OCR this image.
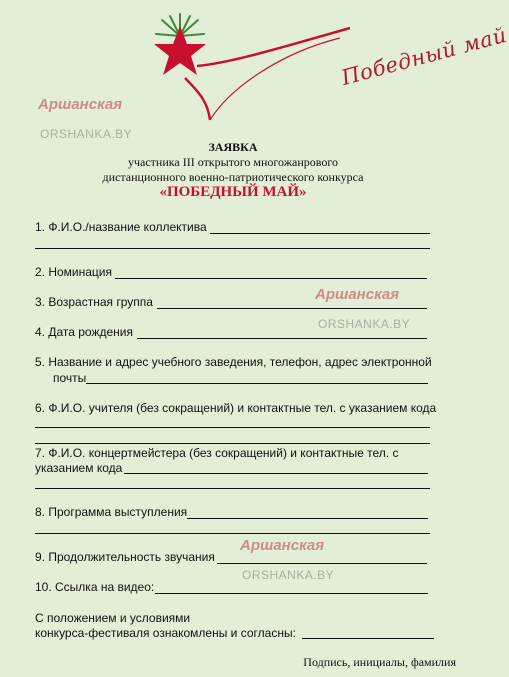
Победный май
Аршанская
ORSHANKA.BY
Аршанская
ORSHANKA.BY
Аршанская
ORSHANKA.BY
ЗАЯВКА
участника III открытого многожанрового
дистанционного военно-патриотического конкурса
«ПОБЕДНЫЙ МАЙ»
1. Ф.И.О./название коллектива
2. Номинация
3. Возрастная группа
4. Дата рождения
5. Название и адрес учебного заведения, телефон, адрес электронной
почты
6. Ф.И.О. учителя (без сокращений) и контактные тел. с указанием кода
7. Ф.И.О. концертмейстера (без сокращений) и контактные тел. с
указанием кода
8. Программа выступления
9. Продолжительность звучания
10. Ссылка на видео:
С положением и условиями
конкурса-фестиваля ознакомлены и согласны:
Подпись, инициалы, фамилия
